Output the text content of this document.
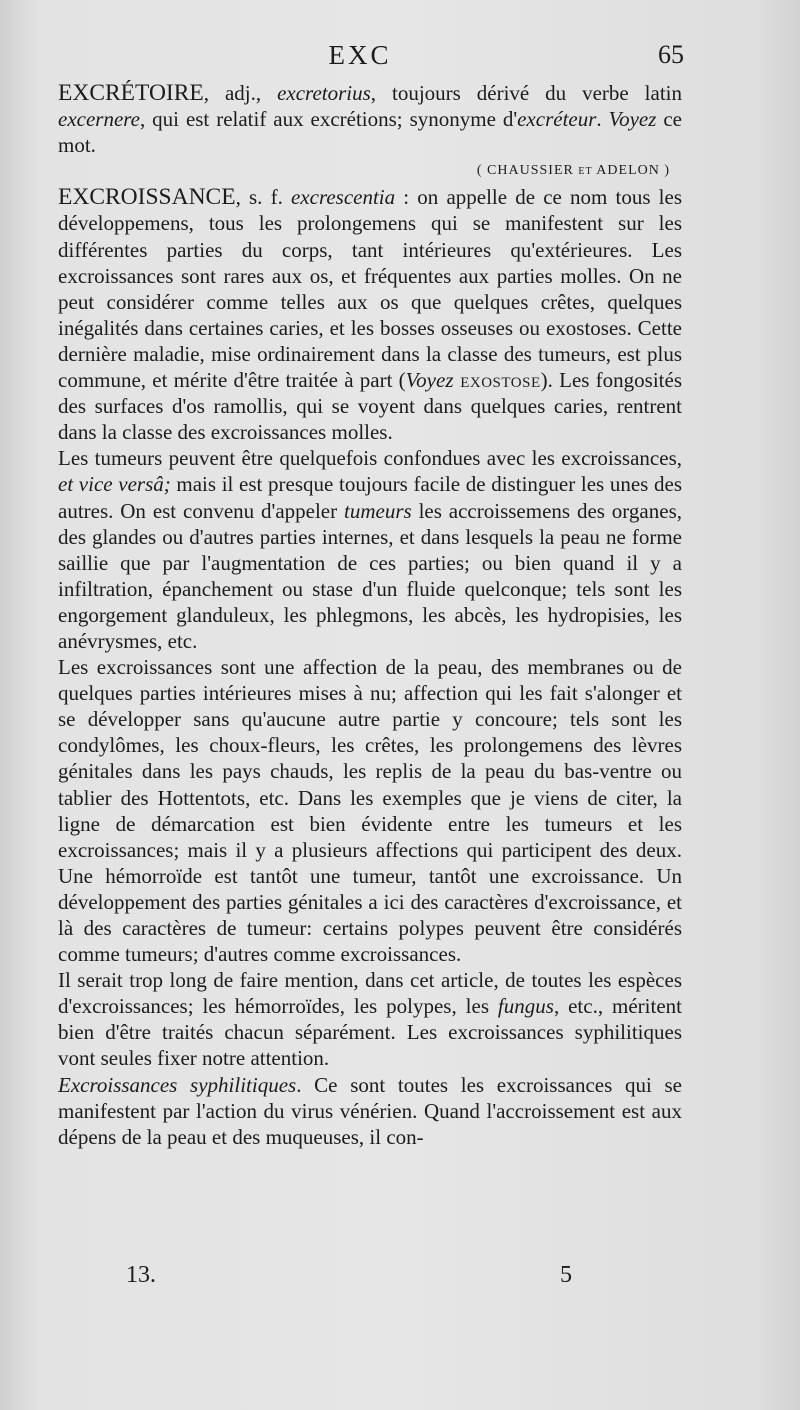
EXC	65

EXCRÉTOIRE, adj., excretorius, toujours dérivé du verbe latin excernere, qui est relatif aux excrétions; synonyme d'excréteur. Voyez ce mot.

( CHAUSSIER et ADELON )

EXCROISSANCE, s. f. excrescentia : on appelle de ce nom tous les développemens, tous les prolongemens qui se manifestent sur les différentes parties du corps, tant intérieures qu'extérieures. Les excroissances sont rares aux os, et fréquentes aux parties molles. On ne peut considérer comme telles aux os que quelques crêtes, quelques inégalités dans certaines caries, et les bosses osseuses ou exostoses. Cette dernière maladie, mise ordinairement dans la classe des tumeurs, est plus commune, et mérite d'être traitée à part (Voyez exostose). Les fongosités des surfaces d'os ramollis, qui se voyent dans quelques caries, rentrent dans la classe des excroissances molles.

Les tumeurs peuvent être quelquefois confondues avec les excroissances, et vice versâ; mais il est presque toujours facile de distinguer les unes des autres. On est convenu d'appeler tumeurs les accroissemens des organes, des glandes ou d'autres parties internes, et dans lesquels la peau ne forme saillie que par l'augmentation de ces parties; ou bien quand il y a infiltration, épanchement ou stase d'un fluide quelconque; tels sont les engorgement glanduleux, les phlegmons, les abcès, les hydropisies, les anévrysmes, etc.

Les excroissances sont une affection de la peau, des membranes ou de quelques parties intérieures mises à nu; affection qui les fait s'alonger et se développer sans qu'aucune autre partie y concoure; tels sont les condylômes, les choux-fleurs, les crêtes, les prolongemens des lèvres génitales dans les pays chauds, les replis de la peau du bas-ventre ou tablier des Hottentots, etc. Dans les exemples que je viens de citer, la ligne de démarcation est bien évidente entre les tumeurs et les excroissances; mais il y a plusieurs affections qui participent des deux. Une hémorroïde est tantôt une tumeur, tantôt une excroissance. Un développement des parties génitales a ici des caractères d'excroissance, et là des caractères de tumeur: certains polypes peuvent être considérés comme tumeurs; d'autres comme excroissances.

Il serait trop long de faire mention, dans cet article, de toutes les espèces d'excroissances; les hémorroïdes, les polypes, les fungus, etc., méritent bien d'être traités chacun séparément. Les excroissances syphilitiques vont seules fixer notre attention.

Excroissances syphilitiques. Ce sont toutes les excroissances qui se manifestent par l'action du virus vénérien. Quand l'accroissement est aux dépens de la peau et des muqueuses, il con-

13.	5
